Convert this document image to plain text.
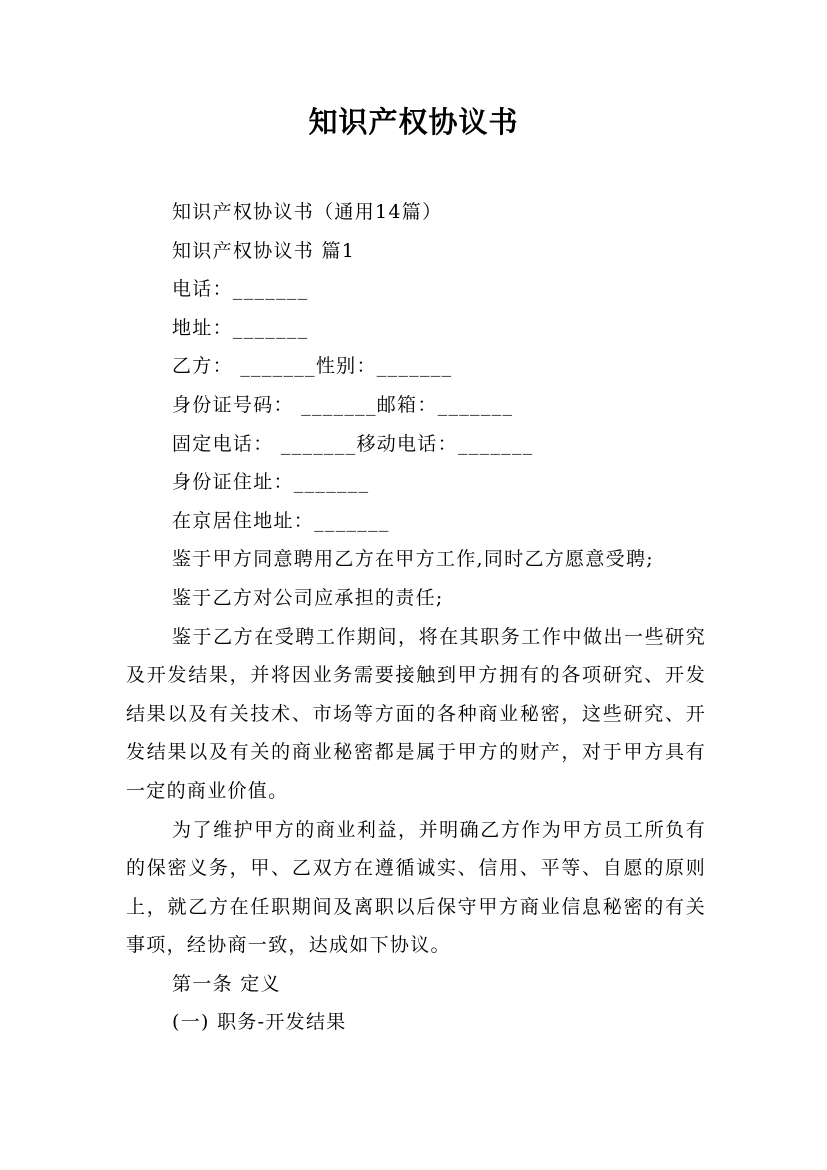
知识产权协议书

知识产权协议书（通用14篇）

知识产权协议书 篇1

电话：_______

地址：_______

乙方： _______性别：_______

身份证号码： _______邮箱：_______

固定电话： _______移动电话：_______

身份证住址：_______

在京居住地址：_______

鉴于甲方同意聘用乙方在甲方工作,同时乙方愿意受聘;

鉴于乙方对公司应承担的责任;

鉴于乙方在受聘工作期间，将在其职务工作中做出一些研究及开发结果，并将因业务需要接触到甲方拥有的各项研究、开发结果以及有关技术、市场等方面的各种商业秘密，这些研究、开发结果以及有关的商业秘密都是属于甲方的财产，对于甲方具有一定的商业价值。

为了维护甲方的商业利益，并明确乙方作为甲方员工所负有的保密义务，甲、乙双方在遵循诚实、信用、平等、自愿的原则上，就乙方在任职期间及离职以后保守甲方商业信息秘密的有关事项，经协商一致，达成如下协议。

第一条 定义

(一) 职务-开发结果
